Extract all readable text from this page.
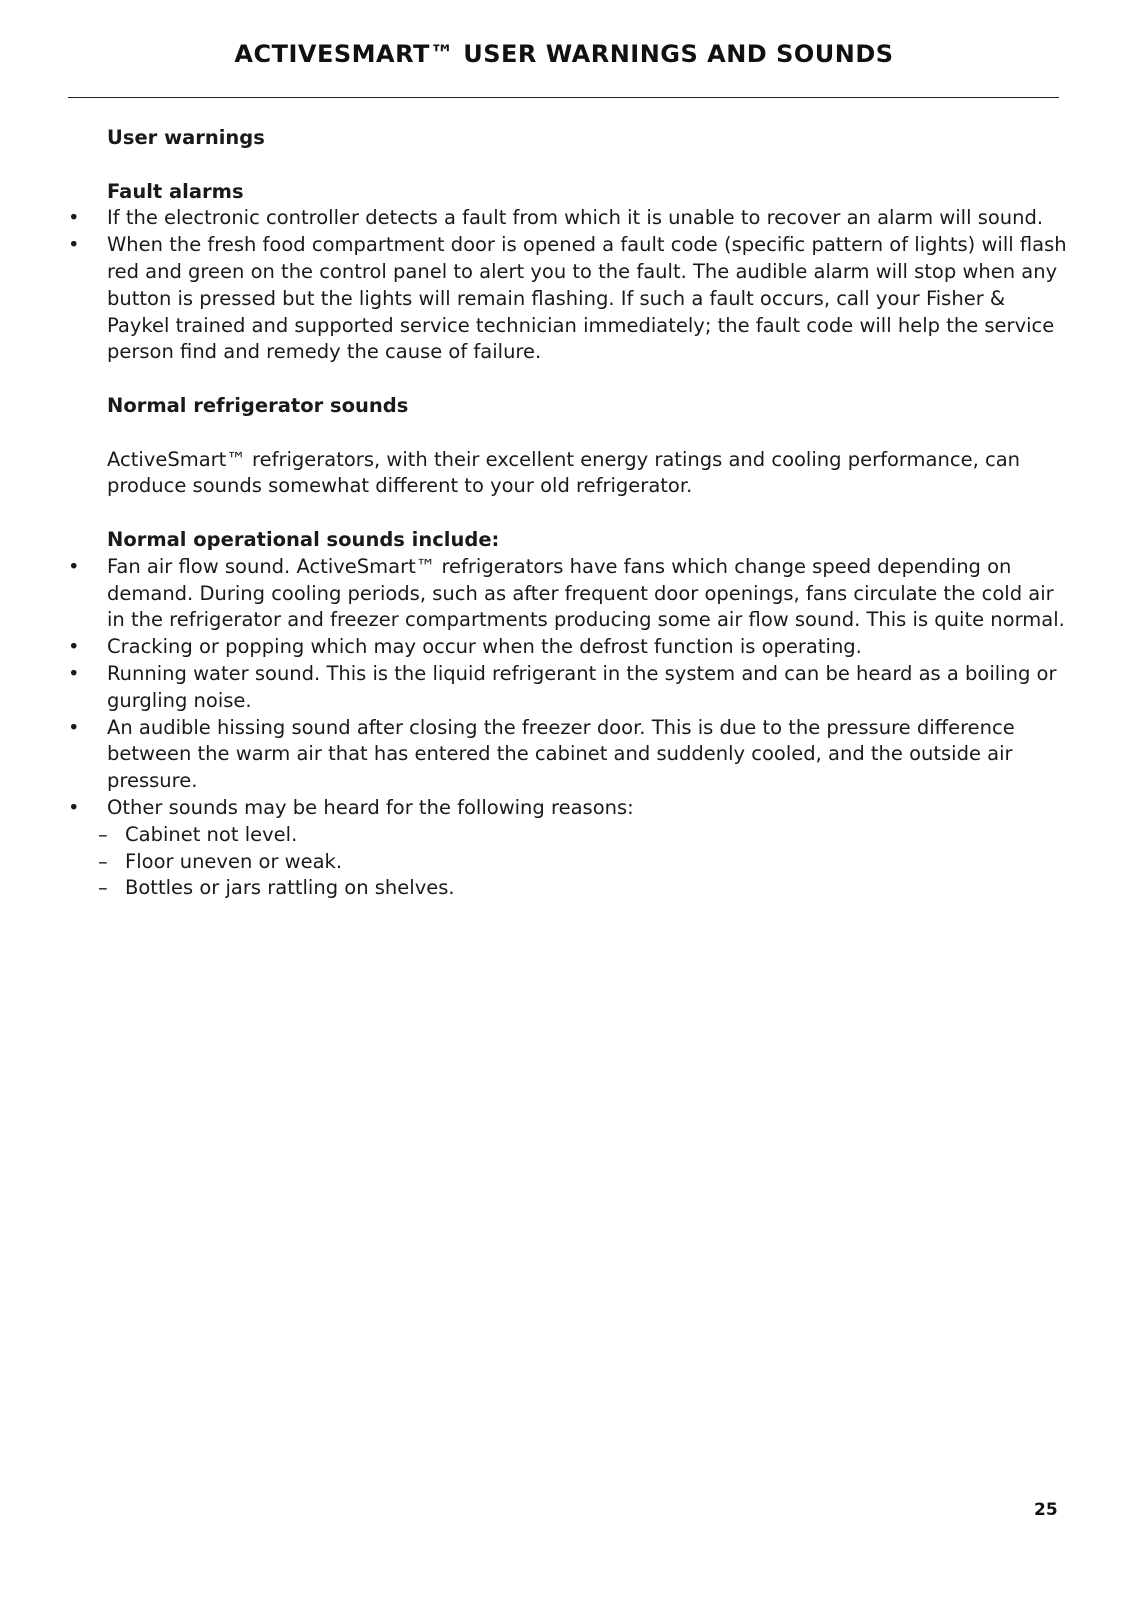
ACTIVESMART™ USER WARNINGS AND SOUNDS

User warnings

Fault alarms

• If the electronic controller detects a fault from which it is unable to recover an alarm will sound.
• When the fresh food compartment door is opened a fault code (specific pattern of lights) will flash red and green on the control panel to alert you to the fault. The audible alarm will stop when any button is pressed but the lights will remain flashing. If such a fault occurs, call your Fisher & Paykel trained and supported service technician immediately; the fault code will help the service person find and remedy the cause of failure.

Normal refrigerator sounds

ActiveSmart™ refrigerators, with their excellent energy ratings and cooling performance, can produce sounds somewhat different to your old refrigerator.

Normal operational sounds include:

• Fan air flow sound. ActiveSmart™ refrigerators have fans which change speed depending on demand. During cooling periods, such as after frequent door openings, fans circulate the cold air in the refrigerator and freezer compartments producing some air flow sound. This is quite normal.
• Cracking or popping which may occur when the defrost function is operating.
• Running water sound. This is the liquid refrigerant in the system and can be heard as a boiling or gurgling noise.
• An audible hissing sound after closing the freezer door. This is due to the pressure difference between the warm air that has entered the cabinet and suddenly cooled, and the outside air pressure.
• Other sounds may be heard for the following reasons:
– Cabinet not level.
– Floor uneven or weak.
– Bottles or jars rattling on shelves.
25
